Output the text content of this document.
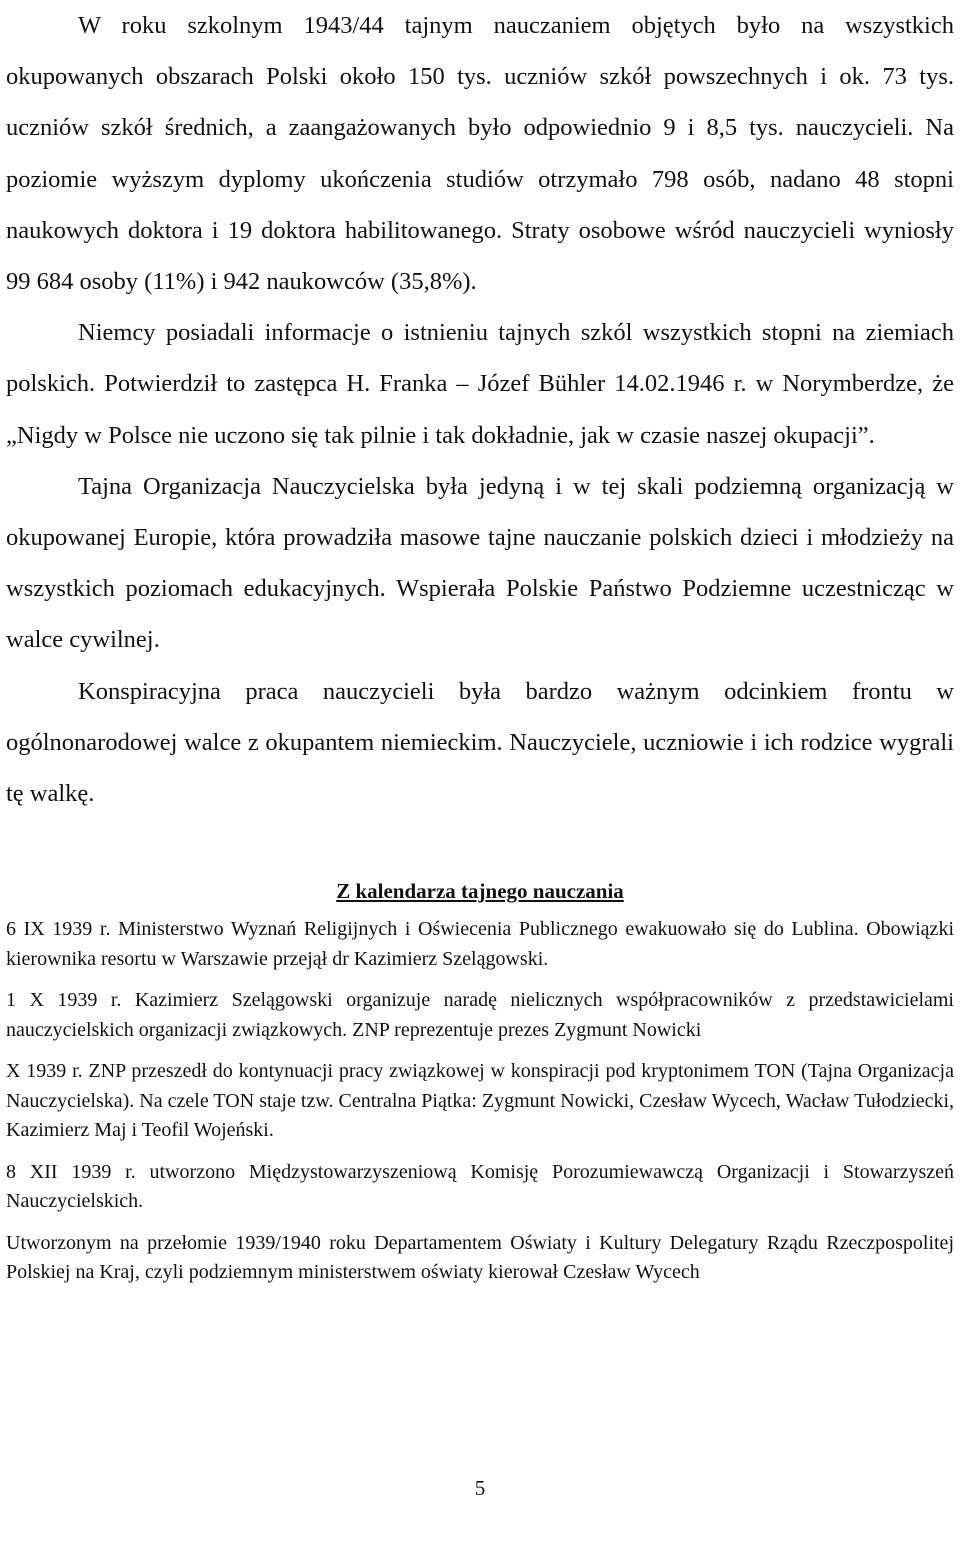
W roku szkolnym 1943/44 tajnym nauczaniem objętych było na wszystkich okupowanych obszarach Polski około 150 tys. uczniów szkół powszechnych i ok. 73 tys. uczniów szkół średnich, a zaangażowanych było odpowiednio 9 i 8,5 tys. nauczycieli. Na poziomie wyższym dyplomy ukończenia studiów otrzymało 798 osób, nadano 48 stopni naukowych doktora i 19 doktora habilitowanego. Straty osobowe wśród nauczycieli wyniosły 99 684 osoby (11%) i 942 naukowców (35,8%).

Niemcy posiadali informacje o istnieniu tajnych szkól wszystkich stopni na ziemiach polskich. Potwierdził to zastępca H. Franka – Józef Bühler 14.02.1946 r. w Norymberdze, że „Nigdy w Polsce nie uczono się tak pilnie i tak dokładnie, jak w czasie naszej okupacji”.

Tajna Organizacja Nauczycielska była jedyną i w tej skali podziemną organizacją w okupowanej Europie, która prowadziła masowe tajne nauczanie polskich dzieci i młodzieży na wszystkich poziomach edukacyjnych. Wspierała Polskie Państwo Podziemne uczestnicząc w walce cywilnej.

Konspiracyjna praca nauczycieli była bardzo ważnym odcinkiem frontu w ogólnonarodowej walce z okupantem niemieckim. Nauczyciele, uczniowie i ich rodzice wygrali tę walkę.

Z kalendarza tajnego nauczania

6 IX 1939 r. Ministerstwo Wyznań Religijnych i Oświecenia Publicznego ewakuowało się do Lublina. Obowiązki kierownika resortu w Warszawie przejął dr Kazimierz Szelągowski.

1 X 1939 r. Kazimierz Szelągowski organizuje naradę nielicznych współpracowników z przedstawicielami nauczycielskich organizacji związkowych. ZNP reprezentuje prezes Zygmunt Nowicki

X 1939 r. ZNP przeszedł do kontynuacji pracy związkowej w konspiracji pod kryptonimem TON (Tajna Organizacja Nauczycielska). Na czele TON staje tzw. Centralna Piątka: Zygmunt Nowicki, Czesław Wycech, Wacław Tułodziecki, Kazimierz Maj i Teofil Wojeński.

8 XII 1939 r. utworzono Międzystowarzyszeniową Komisję Porozumiewawczą Organizacji i Stowarzyszeń Nauczycielskich.

Utworzonym na przełomie 1939/1940 roku Departamentem Oświaty i Kultury Delegatury Rządu Rzeczpospolitej Polskiej na Kraj, czyli podziemnym ministerstwem oświaty kierował Czesław Wycech

5
